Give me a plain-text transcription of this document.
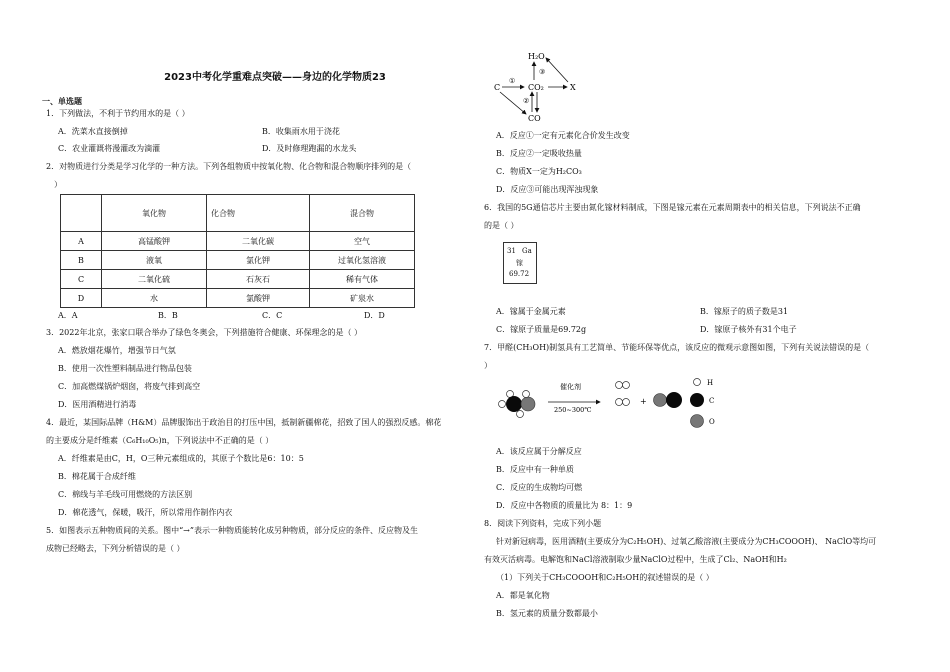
2023中考化学重难点突破——身边的化学物质23
一、单选题
1．下列做法，不利于节约用水的是（ ）
A．洗菜水直接倒掉	B．收集雨水用于浇花
C．农业灌溉将漫灌改为滴灌	D．及时修理跑漏的水龙头
2．对物质进行分类是学习化学的一种方法。下列各组物质中按氧化物、化合物和混合物顺序排列的是（
）
	氧化物	化合物	混合物
A	高锰酸钾	二氧化碳	空气
B	液氧	氯化钾	过氧化氢溶液
C	二氧化硫	石灰石	稀有气体
D	水	氯酸钾	矿泉水
A．A	B．B	C．C	D．D
3．2022年北京，张家口联合举办了绿色冬奥会，下列措施符合健康、环保理念的是（ ）
A．燃放烟花爆竹，增强节日气氛
B．使用一次性塑料制品进行物品包装
C．加高燃煤锅炉烟囱，将废气排到高空
D．医用酒精进行消毒
4．最近，某国际品牌（H&M）品牌服饰出于政治目的打压中国，抵制新疆棉花，招致了国人的强烈反感。棉花
的主要成分是纤维素（C₆H₁₀O₅)n，下列说法中不正确的是（ ）
A．纤维素是由C，H，O三种元素组成的，其原子个数比是6：10：5
B．棉花属于合成纤维
C．棉线与羊毛线可用燃烧的方法区别
D．棉花透气，保暖，吸汗，所以常用作制作内衣
5．如图表示五种物质间的关系。图中“→”表示一种物质能转化成另种物质，部分反应的条件、反应物及生
成物已经略去，下列分析错误的是（ ）
H₂O
C	CO₂	X
CO
①
③
②
A．反应①一定有元素化合价发生改变
B．反应②一定吸收热量
C．物质X一定为H₂CO₃
D．反应③可能出现浑浊现象
6．我国的5G通信芯片主要由氮化镓材料制成，下图是镓元素在元素周期表中的相关信息，下列说法不正确
的是（ ）
31 Ga
镓
69.72
A．镓属于金属元素	B．镓原子的质子数是31
C．镓原子质量是69.72g	D．镓原子核外有31个电子
7．甲醛(CH₃OH)制氢具有工艺简单、节能环保等优点，该反应的微观示意图如图，下列有关说法错误的是（
）
催化剂
250~300℃
+
H
C
O
A．该反应属于分解反应
B．反应中有一种单质
C．反应的生成物均可燃
D．反应中各物质的质量比为 8：1：9
8．阅读下列资料，完成下列小题
针对新冠病毒，医用酒精(主要成分为C₂H₅OH)、过氧乙酸溶液(主要成分为CH₃COOOH)、 NaClO等均可
有效灭活病毒。电解饱和NaCl溶液制取少量NaClO过程中，生成了Cl₂、NaOH和H₂
（1）下列关于CH₃COOOH和C₂H₅OH的叙述错误的是（ ）
A．都是氧化物
B．氢元素的质量分数都最小
